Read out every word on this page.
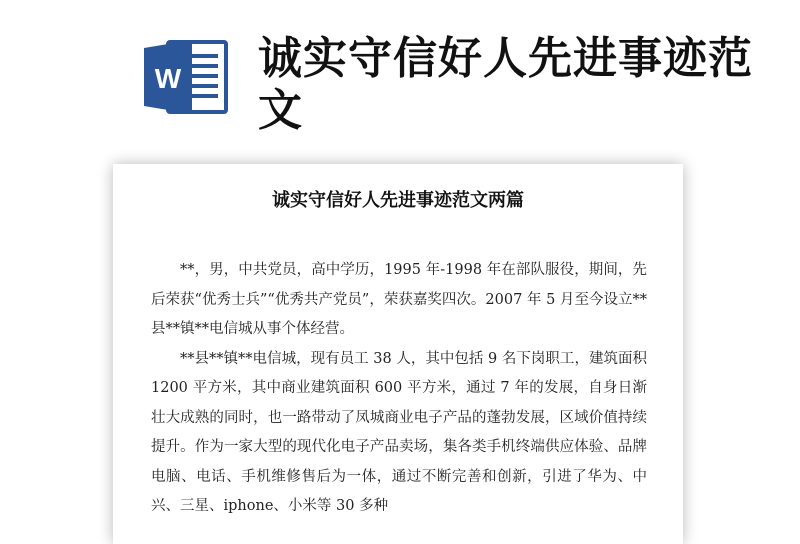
W 诚实守信好人先进事迹范文
诚实守信好人先进事迹范文两篇

**，男，中共党员，高中学历，1995 年-1998 年在部队服役，期间，先后荣获“优秀士兵”“优秀共产党员”，荣获嘉奖四次。2007 年 5 月至今设立**县**镇**电信城从事个体经营。

**县**镇**电信城，现有员工 38 人，其中包括 9 名下岗职工，建筑面积 1200 平方米，其中商业建筑面积 600 平方米，通过 7 年的发展，自身日渐壮大成熟的同时，也一路带动了凤城商业电子产品的蓬勃发展，区域价值持续提升。作为一家大型的现代化电子产品卖场，集各类手机终端供应体验、品牌电脑、电话、手机维修售后为一体，通过不断完善和创新，引进了华为、中兴、三星、iphone、小米等 30 多种
